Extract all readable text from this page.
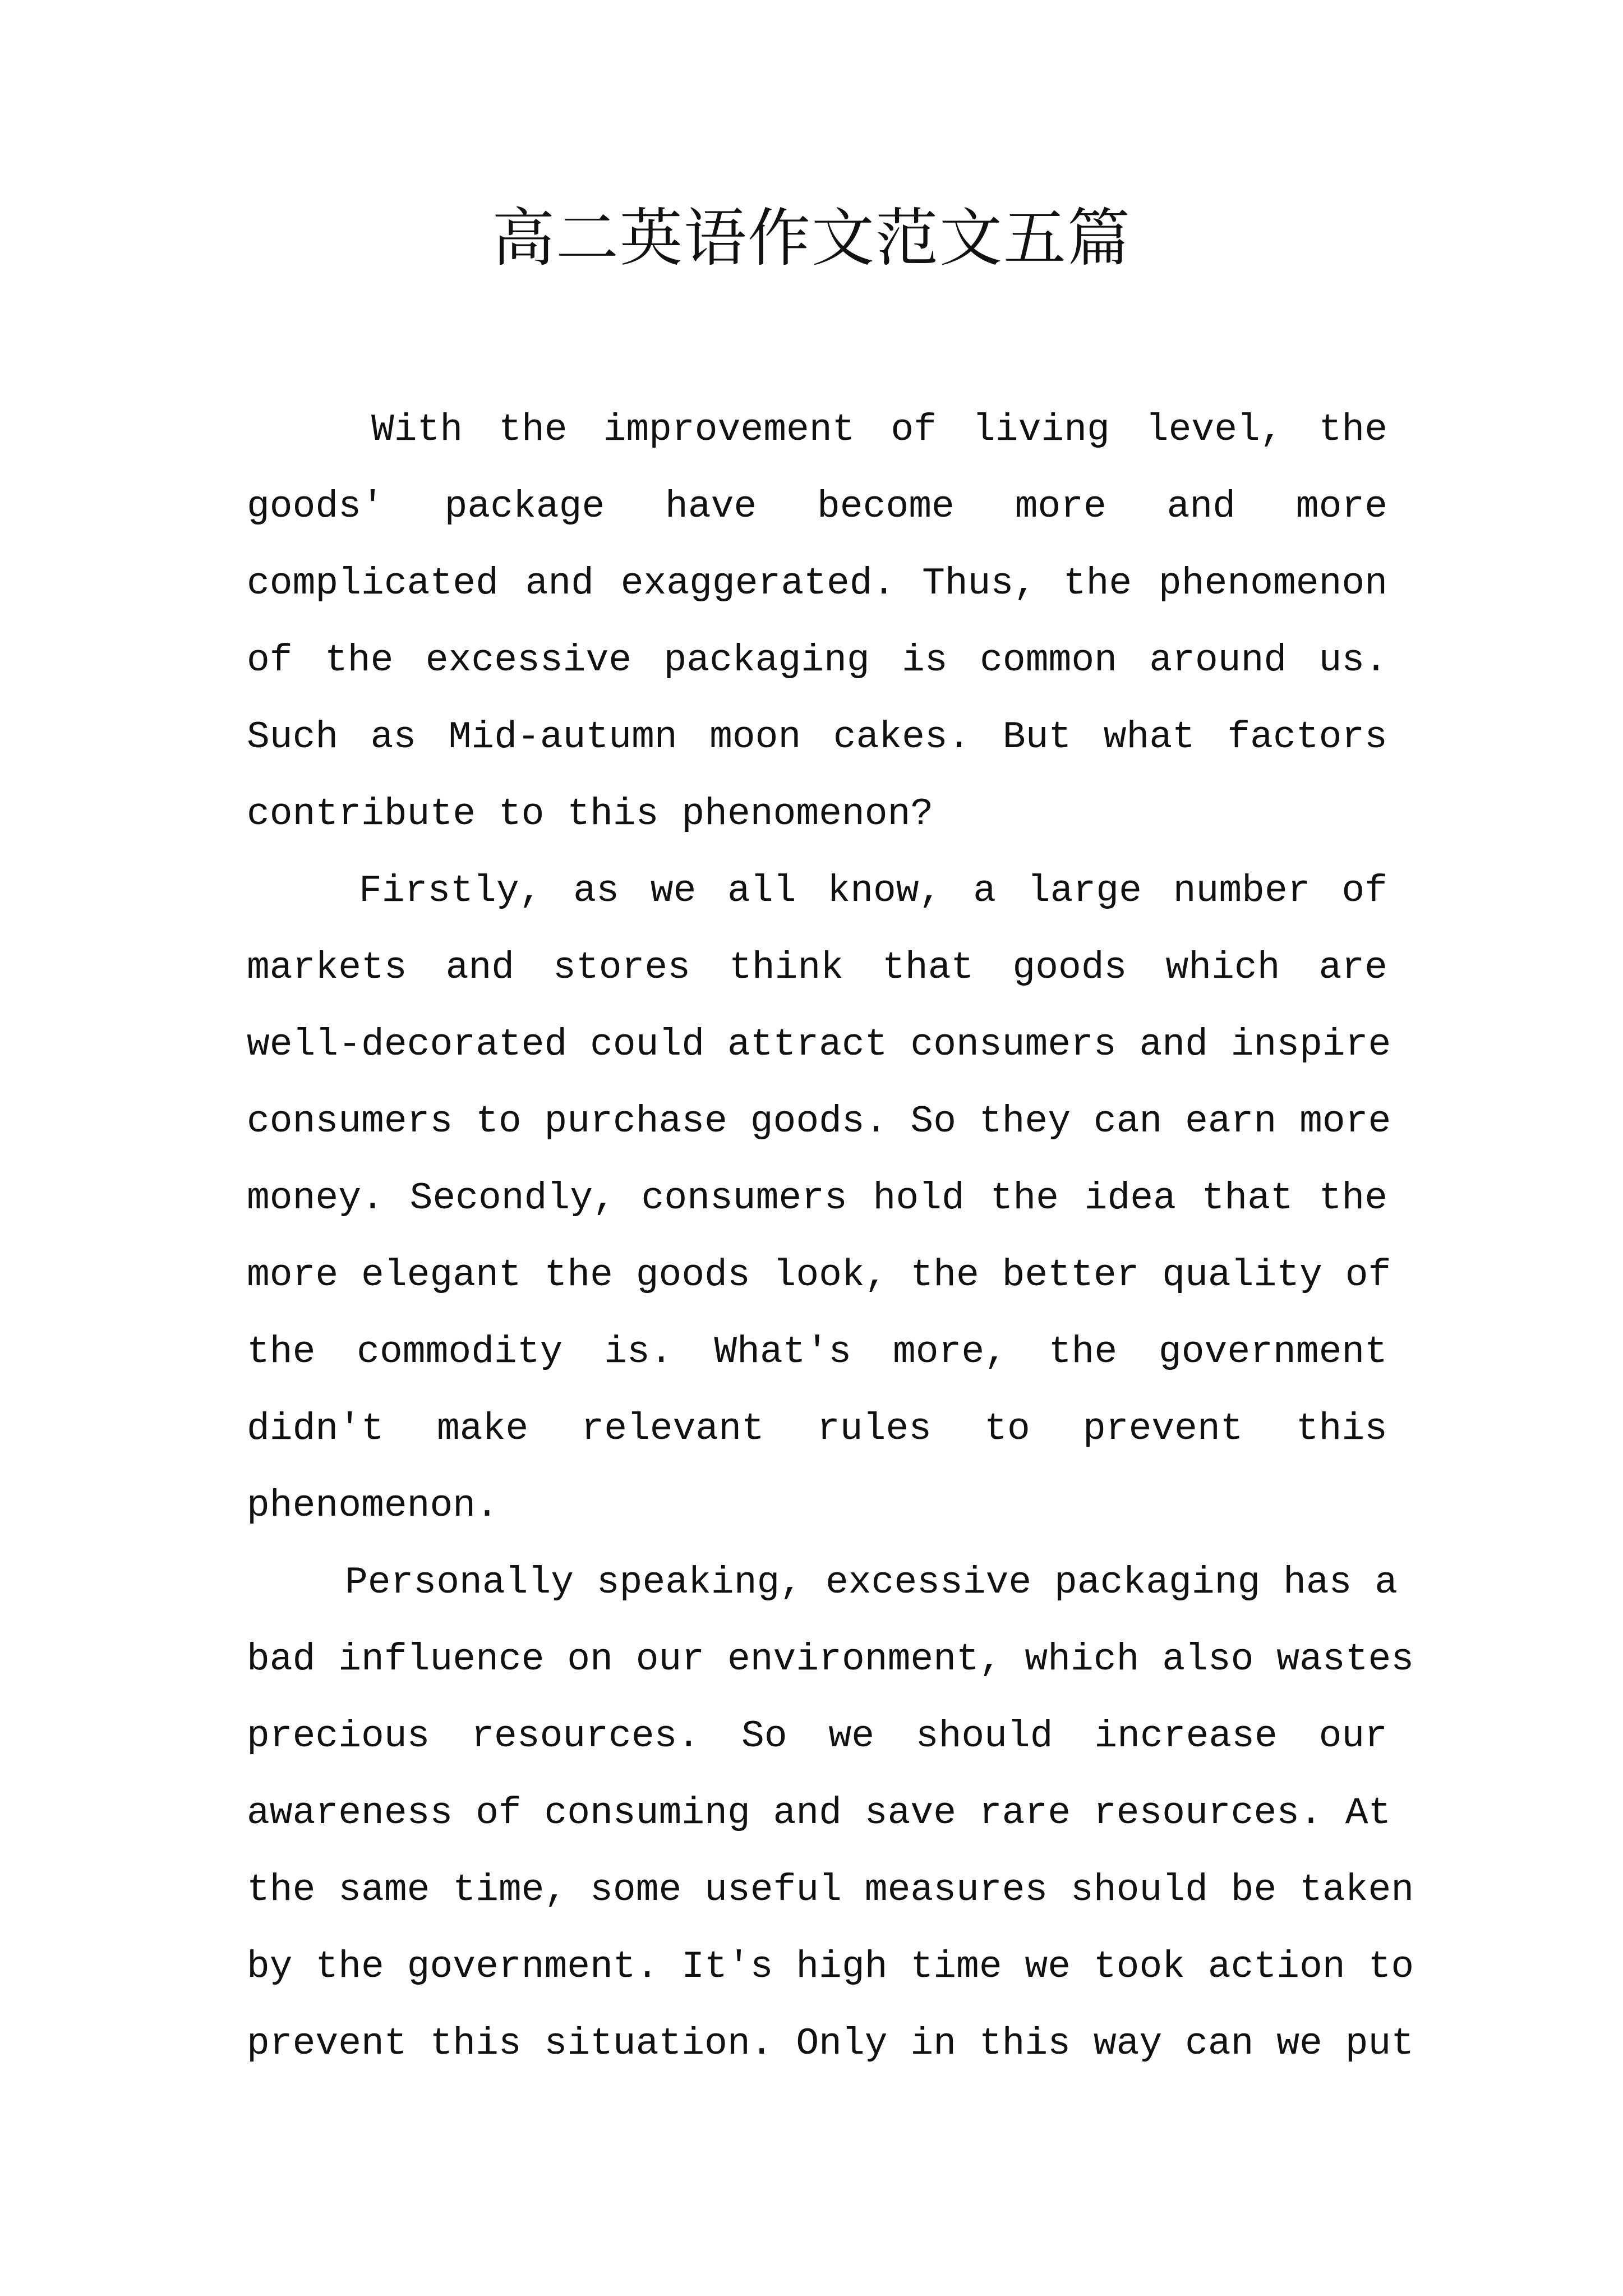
高二英语作文范文五篇
With the improvement of living level, the
goods' package have become more and more
complicated and exaggerated. Thus, the phenomenon
of the excessive packaging is common around us.
Such as Mid-autumn moon cakes. But what factors
contribute to this phenomenon?
Firstly, as we all know, a large number of
markets and stores think that goods which are
well-decorated could attract consumers and inspire
consumers to purchase goods. So they can earn more
money. Secondly, consumers hold the idea that the
more elegant the goods look, the better quality of
the commodity is. What's more, the government
didn't make relevant rules to prevent this
phenomenon.
Personally speaking, excessive packaging has a
bad influence on our environment, which also wastes
precious resources. So we should increase our
awareness of consuming and save rare resources. At
the same time, some useful measures should be taken
by the government. It's high time we took action to
prevent this situation. Only in this way can we put
